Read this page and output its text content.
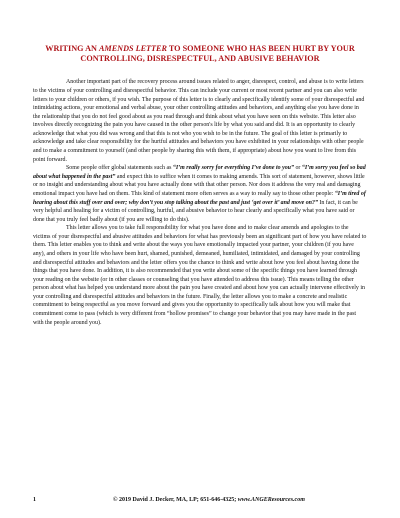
WRITING AN AMENDS LETTER TO SOMEONE WHO HAS BEEN HURT BY YOUR CONTROLLING, DISRESPECTFUL, AND ABUSIVE BEHAVIOR

Another important part of the recovery process around issues related to anger, disrespect, control, and abuse is to write letters to the victims of your controlling and disrespectful behavior. This can include your current or most recent partner and you can also write letters to your children or others, if you wish. The purpose of this letter is to clearly and specifically identify some of your disrespectful and intimidating actions, your emotional and verbal abuse, your other controlling attitudes and behaviors, and anything else you have done in the relationship that you do not feel good about as you read through and think about what you have seen on this website. This letter also involves directly recognizing the pain you have caused in the other person's life by what you said and did. It is an opportunity to clearly acknowledge that what you did was wrong and that this is not who you wish to be in the future. The goal of this letter is primarily to acknowledge and take clear responsibility for the hurtful attitudes and behaviors you have exhibited in your relationships with other people and to make a commitment to yourself (and other people by sharing this with them, if appropriate) about how you want to live from this point forward.

Some people offer global statements such as “I’m really sorry for everything I’ve done to you” or “I’m sorry you feel so bad about what happened in the past” and expect this to suffice when it comes to making amends. This sort of statement, however, shows little or no insight and understanding about what you have actually done with that other person. Nor does it address the very real and damaging emotional impact you have had on them. This kind of statement more often serves as a way to really say to those other people: “I’m tired of hearing about this stuff over and over; why don’t you stop talking about the past and just ‘get over it’ and move on?” In fact, it can be very helpful and healing for a victim of controlling, hurtful, and abusive behavior to hear clearly and specifically what you have said or done that you truly feel badly about (if you are willing to do this).

This letter allows you to take full responsibility for what you have done and to make clear amends and apologies to the victims of your disrespectful and abusive attitudes and behaviors for what has previously been an significant part of how you have related to them. This letter enables you to think and write about the ways you have emotionally impacted your partner, your children (if you have any), and others in your life who have been hurt, shamed, punished, demeaned, humiliated, intimidated, and damaged by your controlling and disrespectful attitudes and behaviors and the letter offers you the chance to think and write about how you feel about having done the things that you have done. In addition, it is also recommended that you write about some of the specific things you have learned through your reading on the website (or in other classes or counseling that you have attended to address this issue). This means telling the other person about what has helped you understand more about the pain you have created and about how you can actually intervene effectively in your controlling and disrespectful attitudes and behaviors in the future. Finally, the letter allows you to make a concrete and realistic commitment to being respectful as you move forward and gives you the opportunity to specifically talk about how you will make that commitment come to pass (which is very different from “hollow promises” to change your behavior that you may have made in the past with the people around you).

1	© 2019 David J. Decker, MA, LP; 651-646-4325; www.ANGEResources.com
